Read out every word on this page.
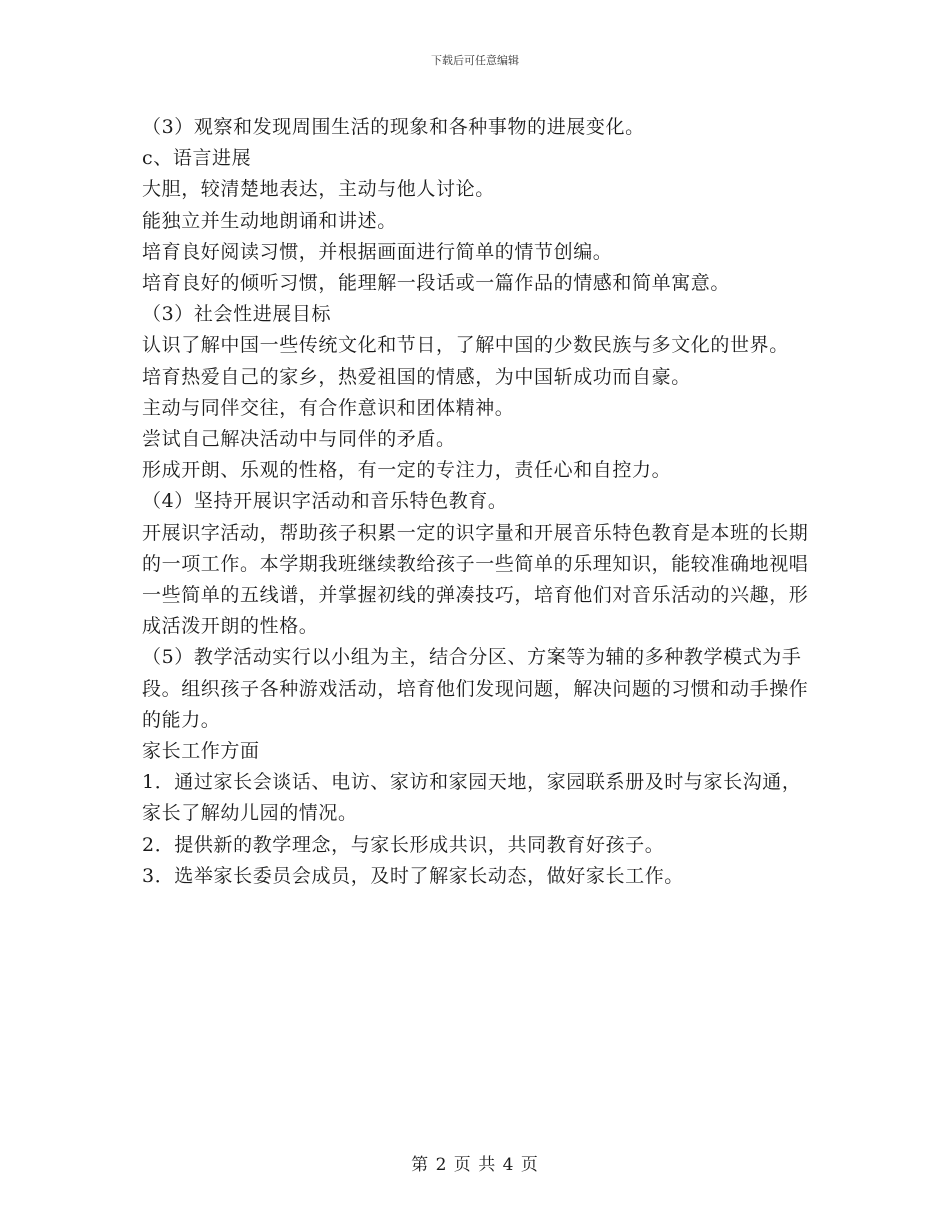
下载后可任意编辑

（3）观察和发现周围生活的现象和各种事物的进展变化。

c、语言进展

大胆，较清楚地表达，主动与他人讨论。

能独立并生动地朗诵和讲述。

培育良好阅读习惯，并根据画面进行简单的情节创编。

培育良好的倾听习惯，能理解一段话或一篇作品的情感和简单寓意。

（3）社会性进展目标

认识了解中国一些传统文化和节日，了解中国的少数民族与多文化的世界。

培育热爱自己的家乡，热爱祖国的情感，为中国斩成功而自豪。

主动与同伴交往，有合作意识和团体精神。

尝试自己解决活动中与同伴的矛盾。

形成开朗、乐观的性格，有一定的专注力，责任心和自控力。

（4）坚持开展识字活动和音乐特色教育。

开展识字活动，帮助孩子积累一定的识字量和开展音乐特色教育是本班的长期的一项工作。本学期我班继续教给孩子一些简单的乐理知识，能较准确地视唱一些简单的五线谱，并掌握初线的弹凑技巧，培育他们对音乐活动的兴趣，形成活泼开朗的性格。

（5）教学活动实行以小组为主，结合分区、方案等为辅的多种教学模式为手段。组织孩子各种游戏活动，培育他们发现问题，解决问题的习惯和动手操作的能力。

家长工作方面

1．通过家长会谈话、电访、家访和家园天地，家园联系册及时与家长沟通，家长了解幼儿园的情况。

2．提供新的教学理念，与家长形成共识，共同教育好孩子。

3．选举家长委员会成员，及时了解家长动态，做好家长工作。

第 2 页 共 4 页
